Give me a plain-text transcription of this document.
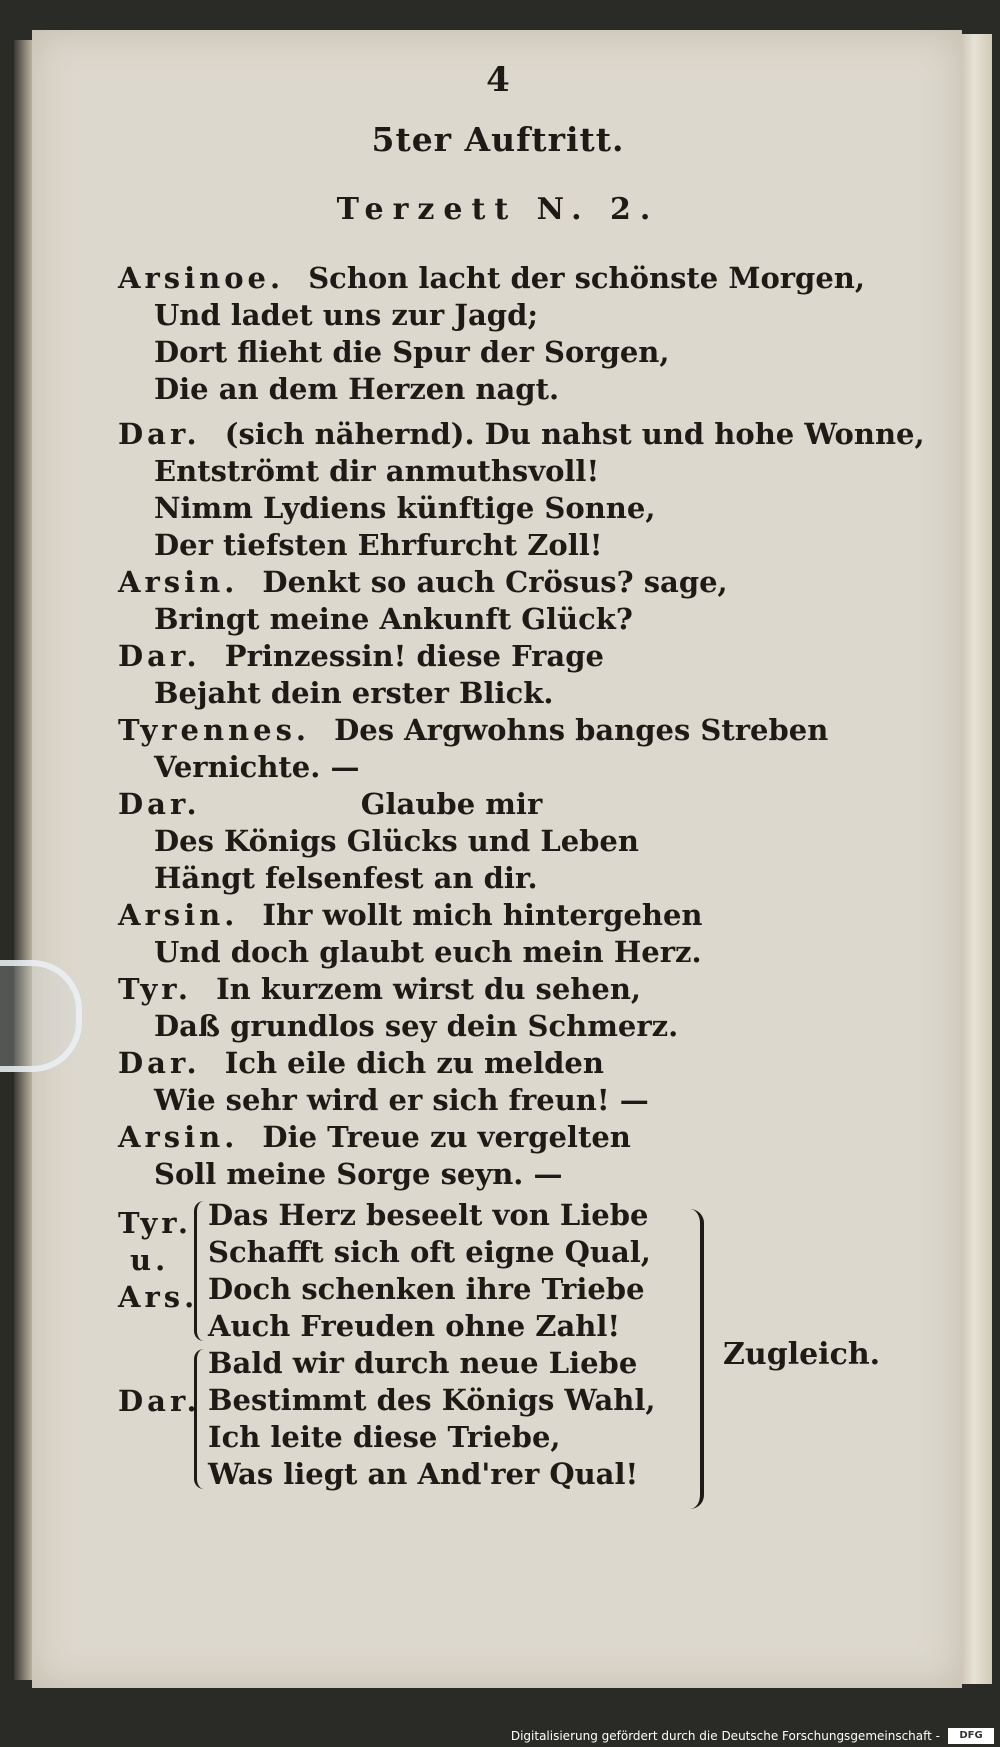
4
5ter Auftritt.
Terzett N. 2.
Arsinoe. Schon lacht der schönste Morgen,
Und ladet uns zur Jagd;
Dort flieht die Spur der Sorgen,
Die an dem Herzen nagt.
Dar. (sich nähernd). Du nahst und hohe Wonne,
Entströmt dir anmuthsvoll!
Nimm Lydiens künftige Sonne,
Der tiefsten Ehrfurcht Zoll!
Arsin. Denkt so auch Crösus? sage,
Bringt meine Ankunft Glück?
Dar. Prinzessin! diese Frage
Bejaht dein erster Blick.
Tyrennes. Des Argwohns banges Streben
Vernichte. —
Dar.	Glaube mir
Des Königs Glücks und Leben
Hängt felsenfest an dir.
Arsin. Ihr wollt mich hintergehen
Und doch glaubt euch mein Herz.
Tyr. In kurzem wirst du sehen,
Daß grundlos sey dein Schmerz.
Dar. Ich eile dich zu melden
Wie sehr wird er sich freun! —
Arsin. Die Treue zu vergelten
Soll meine Sorge seyn. —
Tyr.
u.
Ars.
Das Herz beseelt von Liebe
Schafft sich oft eigne Qual,
Doch schenken ihre Triebe
Auch Freuden ohne Zahl!
Dar.
Bald wir durch neue Liebe
Bestimmt des Königs Wahl,
Ich leite diese Triebe,
Was liegt an And'rer Qual!
Zugleich.
Digitalisierung gefördert durch die Deutsche Forschungsgemeinschaft -	DFG
